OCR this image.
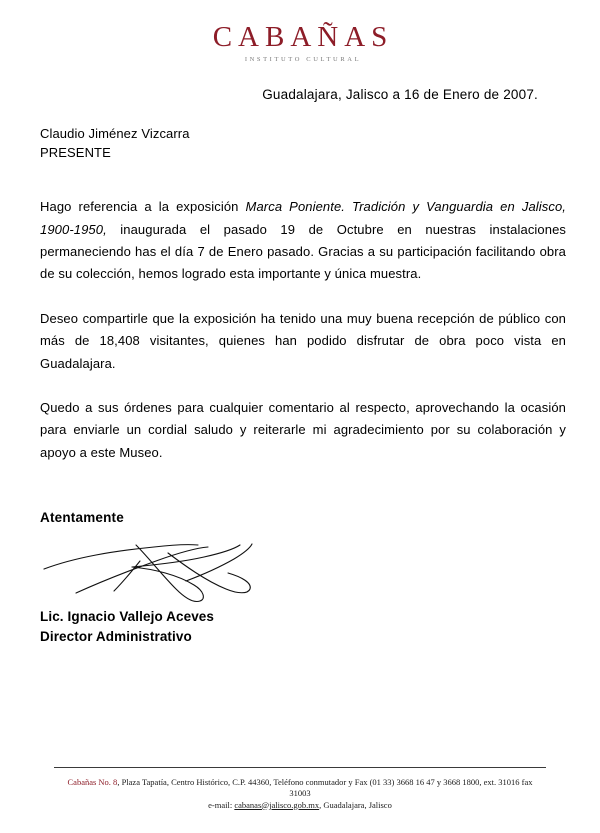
CABAÑAS
INSTITUTO CULTURAL
Guadalajara, Jalisco a 16 de Enero de 2007.
Claudio Jiménez Vizcarra
PRESENTE

Hago referencia a la exposición Marca Poniente. Tradición y Vanguardia en Jalisco, 1900-1950, inaugurada el pasado 19 de Octubre en nuestras instalaciones permaneciendo has el día 7 de Enero pasado. Gracias a su participación facilitando obra de su colección, hemos logrado esta importante y única muestra.

Deseo compartirle que la exposición ha tenido una muy buena recepción de público con más de 18,408 visitantes, quienes han podido disfrutar de obra poco vista en Guadalajara.

Quedo a sus órdenes para cualquier comentario al respecto, aprovechando la ocasión para enviarle un cordial saludo y reiterarle mi agradecimiento por su colaboración y apoyo a este Museo.

Atentamente
Lic. Ignacio Vallejo Aceves
Director Administrativo
Cabañas No. 8, Plaza Tapatía, Centro Histórico, C.P. 44360, Teléfono conmutador y Fax (01 33) 3668 16 47 y 3668 1800, ext. 31016 fax
31003
e-mail: cabanas@jalisco.gob.mx, Guadalajara, Jalisco
